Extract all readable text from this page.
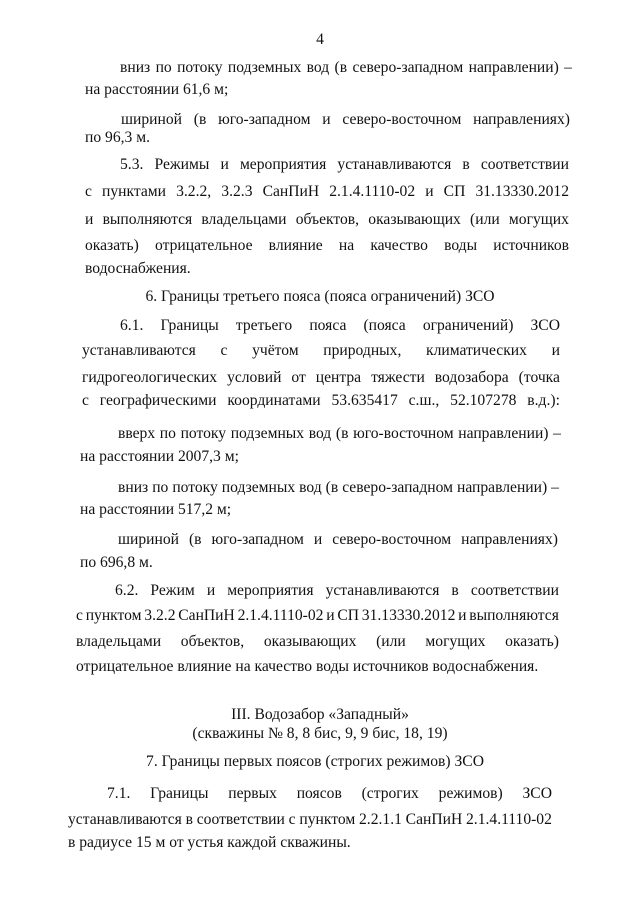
4
вниз по потоку подземных вод (в северо-западном направлении) –
на расстоянии 61,6 м;
шириной (в юго-западном и северо-восточном направлениях)
по 96,3 м.
5.3. Режимы и мероприятия устанавливаются в соответствии
с пунктами 3.2.2, 3.2.3 СанПиН 2.1.4.1110-02 и СП 31.13330.2012
и выполняются владельцами объектов, оказывающих (или могущих
оказать) отрицательное влияние на качество воды источников
водоснабжения.
6. Границы третьего пояса (пояса ограничений) ЗСО
6.1. Границы третьего пояса (пояса ограничений) ЗСО
устанавливаются с учётом природных, климатических и
гидрогеологических условий от центра тяжести водозабора (точка
с географическими координатами 53.635417 с.ш., 52.107278 в.д.):
вверх по потоку подземных вод (в юго-восточном направлении) –
на расстоянии 2007,3 м;
вниз по потоку подземных вод (в северо-западном направлении) –
на расстоянии 517,2 м;
шириной (в юго-западном и северо-восточном направлениях)
по 696,8 м.
6.2. Режим и мероприятия устанавливаются в соответствии
с пунктом 3.2.2 СанПиН 2.1.4.1110-02 и СП 31.13330.2012 и выполняются
владельцами объектов, оказывающих (или могущих оказать)
отрицательное влияние на качество воды источников водоснабжения.
III. Водозабор «Западный»
(скважины № 8, 8 бис, 9, 9 бис, 18, 19)
7. Границы первых поясов (строгих режимов) ЗСО
7.1. Границы первых поясов (строгих режимов) ЗСО
устанавливаются в соответствии с пунктом 2.2.1.1 СанПиН 2.1.4.1110-02
в радиусе 15 м от устья каждой скважины.
